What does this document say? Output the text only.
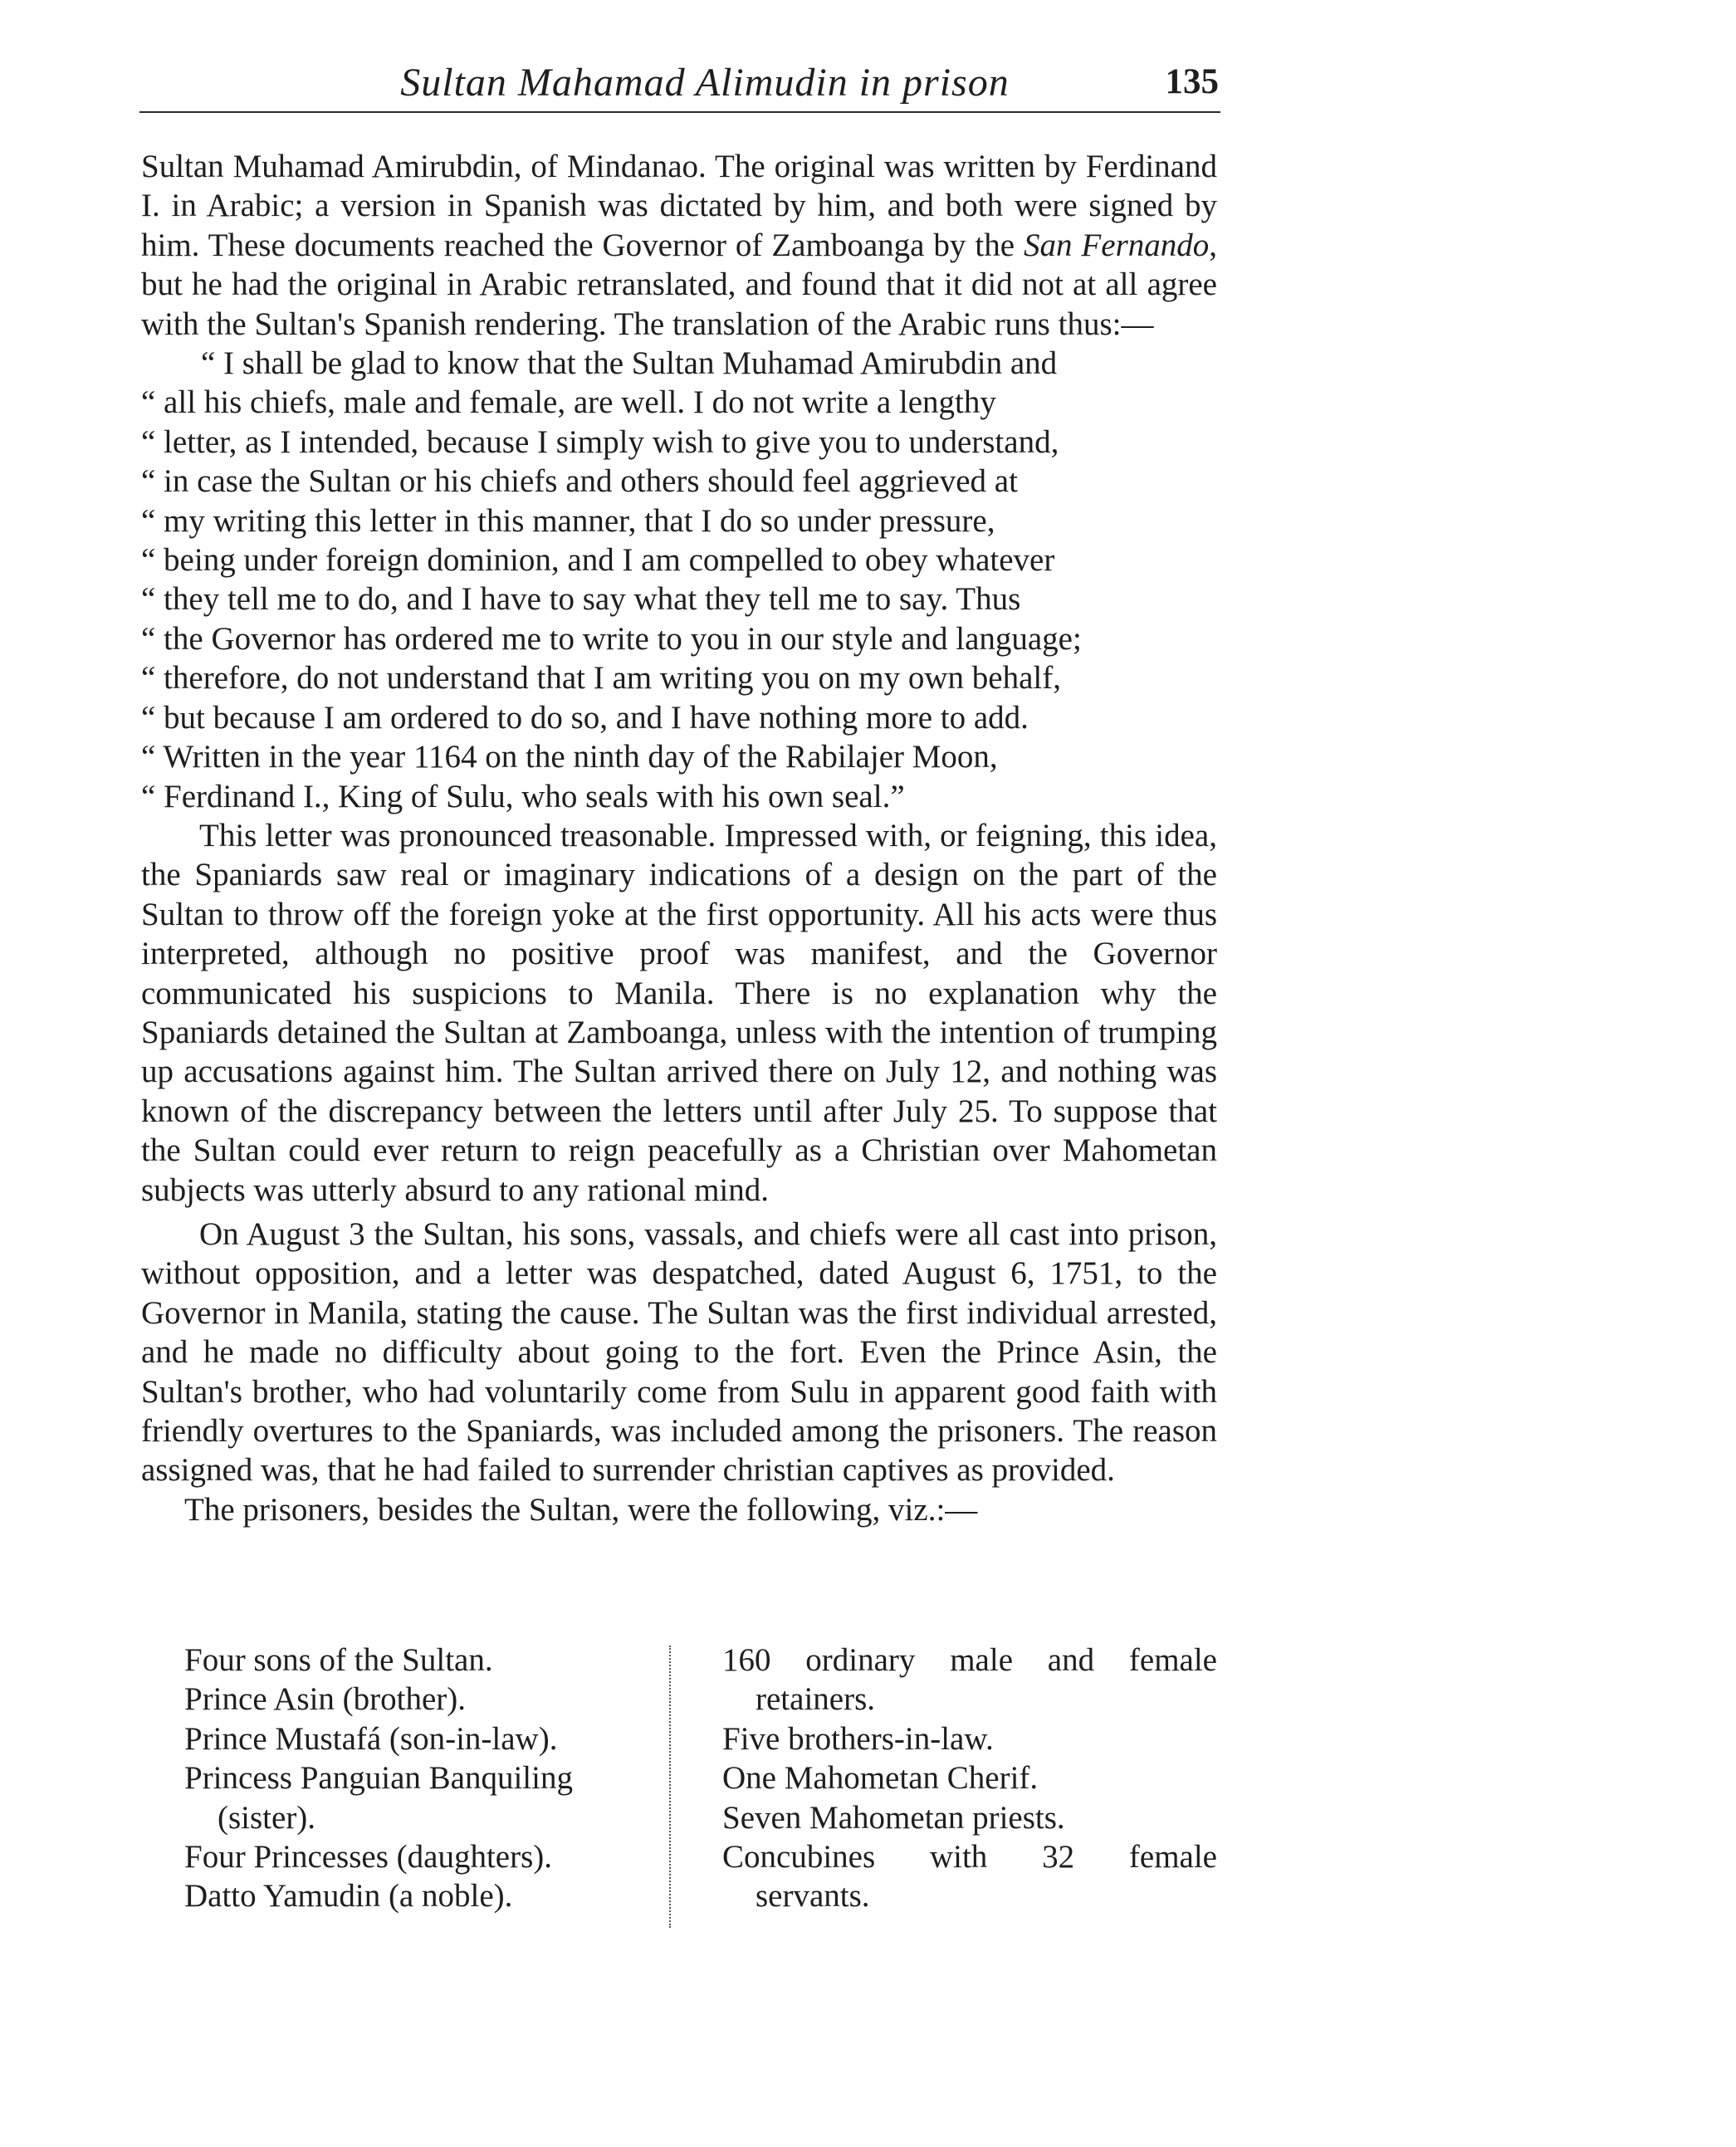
Sultan Mahamad Alimudin in prison	135

Sultan Muhamad Amirubdin, of Mindanao. The original was written by Ferdinand I. in Arabic; a version in Spanish was dictated by him, and both were signed by him. These documents reached the Governor of Zamboanga by the San Fernando, but he had the original in Arabic retranslated, and found that it did not at all agree with the Sultan's Spanish rendering. The translation of the Arabic runs thus:—

“ I shall be glad to know that the Sultan Muhamad Amirubdin and
“ all his chiefs, male and female, are well. I do not write a lengthy
“ letter, as I intended, because I simply wish to give you to understand,
“ in case the Sultan or his chiefs and others should feel aggrieved at
“ my writing this letter in this manner, that I do so under pressure,
“ being under foreign dominion, and I am compelled to obey whatever
“ they tell me to do, and I have to say what they tell me to say. Thus
“ the Governor has ordered me to write to you in our style and language;
“ therefore, do not understand that I am writing you on my own behalf,
“ but because I am ordered to do so, and I have nothing more to add.
“ Written in the year 1164 on the ninth day of the Rabilajer Moon,
“ Ferdinand I., King of Sulu, who seals with his own seal.”

This letter was pronounced treasonable. Impressed with, or feigning, this idea, the Spaniards saw real or imaginary indications of a design on the part of the Sultan to throw off the foreign yoke at the first opportunity. All his acts were thus interpreted, although no positive proof was manifest, and the Governor communicated his suspicions to Manila. There is no explanation why the Spaniards detained the Sultan at Zamboanga, unless with the intention of trumping up accusations against him. The Sultan arrived there on July 12, and nothing was known of the discrepancy between the letters until after July 25. To suppose that the Sultan could ever return to reign peacefully as a Christian over Mahometan subjects was utterly absurd to any rational mind.

On August 3 the Sultan, his sons, vassals, and chiefs were all cast into prison, without opposition, and a letter was despatched, dated August 6, 1751, to the Governor in Manila, stating the cause. The Sultan was the first individual arrested, and he made no difficulty about going to the fort. Even the Prince Asin, the Sultan's brother, who had voluntarily come from Sulu in apparent good faith with friendly overtures to the Spaniards, was included among the prisoners. The reason assigned was, that he had failed to surrender christian captives as provided.

The prisoners, besides the Sultan, were the following, viz.:—

Four sons of the Sultan.
Prince Asin (brother).
Prince Mustafá (son-in-law).
Princess Panguian Banquiling
(sister).
Four Princesses (daughters).
Datto Yamudin (a noble).
160 ordinary male and female
retainers.
Five brothers-in-law.
One Mahometan Cherif.
Seven Mahometan priests.
Concubines with 32 female
servants.
